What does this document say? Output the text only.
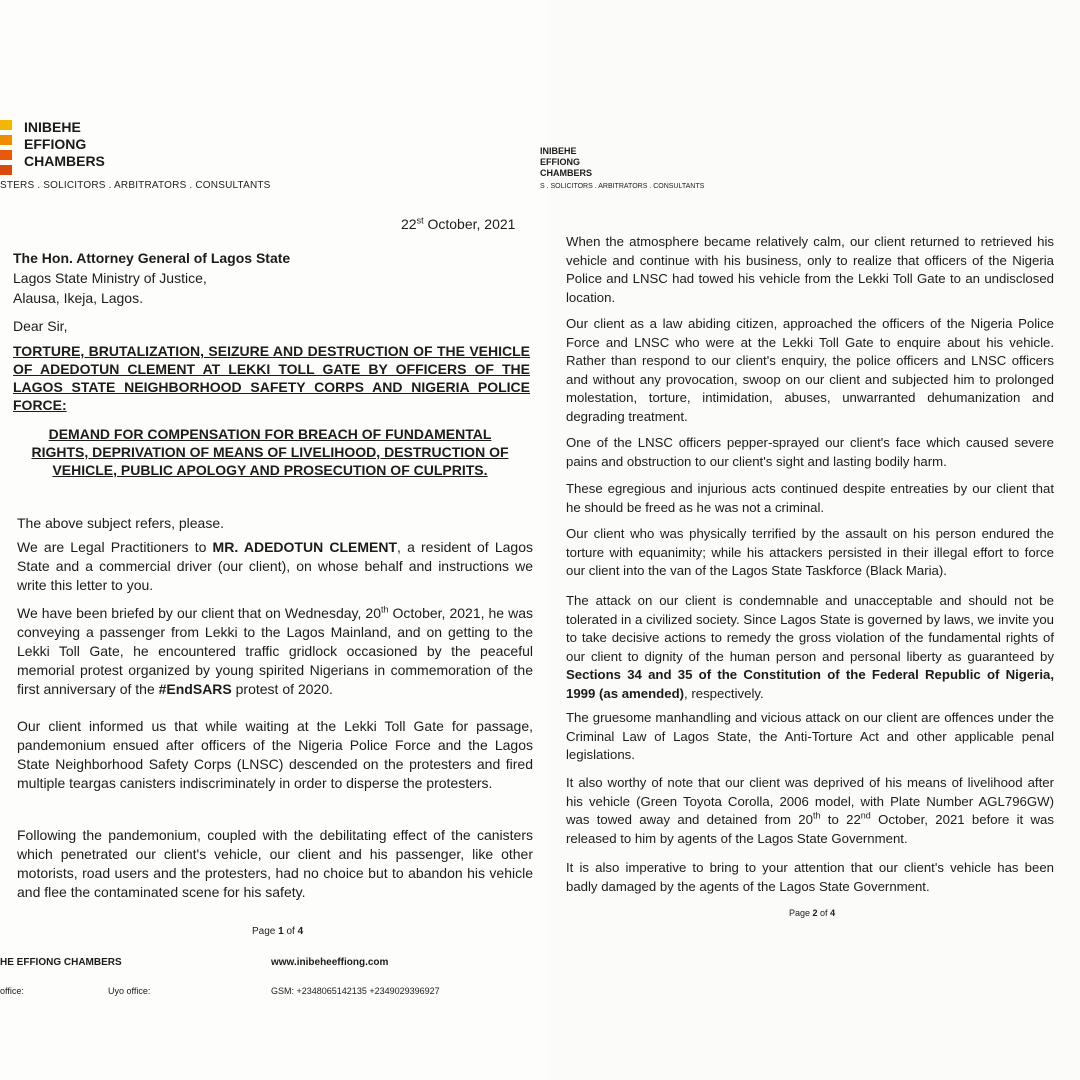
INIBEHE
EFFIONG
CHAMBERS
STERS . SOLICITORS . ARBITRATORS . CONSULTANTS
22st October, 2021
The Hon. Attorney General of Lagos State
Lagos State Ministry of Justice,
Alausa, Ikeja, Lagos.
Dear Sir,
TORTURE, BRUTALIZATION, SEIZURE AND DESTRUCTION OF THE VEHICLE OF ADEDOTUN CLEMENT AT LEKKI TOLL GATE BY OFFICERS OF THE LAGOS STATE NEIGHBORHOOD SAFETY CORPS AND NIGERIA POLICE FORCE:
DEMAND FOR COMPENSATION FOR BREACH OF FUNDAMENTAL RIGHTS, DEPRIVATION OF MEANS OF LIVELIHOOD, DESTRUCTION OF VEHICLE, PUBLIC APOLOGY AND PROSECUTION OF CULPRITS.
The above subject refers, please.
We are Legal Practitioners to MR. ADEDOTUN CLEMENT, a resident of Lagos State and a commercial driver (our client), on whose behalf and instructions we write this letter to you.
We have been briefed by our client that on Wednesday, 20th October, 2021, he was conveying a passenger from Lekki to the Lagos Mainland, and on getting to the Lekki Toll Gate, he encountered traffic gridlock occasioned by the peaceful memorial protest organized by young spirited Nigerians in commemoration of the first anniversary of the #EndSARS protest of 2020.
Our client informed us that while waiting at the Lekki Toll Gate for passage, pandemonium ensued after officers of the Nigeria Police Force and the Lagos State Neighborhood Safety Corps (LNSC) descended on the protesters and fired multiple teargas canisters indiscriminately in order to disperse the protesters.
Following the pandemonium, coupled with the debilitating effect of the canisters which penetrated our client's vehicle, our client and his passenger, like other motorists, road users and the protesters, had no choice but to abandon his vehicle and flee the contaminated scene for his safety.
Page 1 of 4
HE EFFIONG CHAMBERS	www.inibeheeffiong.com
office:	Uyo office:	GSM: +2348065142135 +2349029396927
INIBEHE
EFFIONG
CHAMBERS
S . SOLICITORS . ARBITRATORS . CONSULTANTS
When the atmosphere became relatively calm, our client returned to retrieved his vehicle and continue with his business, only to realize that officers of the Nigeria Police and LNSC had towed his vehicle from the Lekki Toll Gate to an undisclosed location.
Our client as a law abiding citizen, approached the officers of the Nigeria Police Force and LNSC who were at the Lekki Toll Gate to enquire about his vehicle. Rather than respond to our client's enquiry, the police officers and LNSC officers and without any provocation, swoop on our client and subjected him to prolonged molestation, torture, intimidation, abuses, unwarranted dehumanization and degrading treatment.
One of the LNSC officers pepper-sprayed our client's face which caused severe pains and obstruction to our client's sight and lasting bodily harm.
These egregious and injurious acts continued despite entreaties by our client that he should be freed as he was not a criminal.
Our client who was physically terrified by the assault on his person endured the torture with equanimity; while his attackers persisted in their illegal effort to force our client into the van of the Lagos State Taskforce (Black Maria).
The attack on our client is condemnable and unacceptable and should not be tolerated in a civilized society. Since Lagos State is governed by laws, we invite you to take decisive actions to remedy the gross violation of the fundamental rights of our client to dignity of the human person and personal liberty as guaranteed by Sections 34 and 35 of the Constitution of the Federal Republic of Nigeria, 1999 (as amended), respectively.
The gruesome manhandling and vicious attack on our client are offences under the Criminal Law of Lagos State, the Anti-Torture Act and other applicable penal legislations.
It also worthy of note that our client was deprived of his means of livelihood after his vehicle (Green Toyota Corolla, 2006 model, with Plate Number AGL796GW) was towed away and detained from 20th to 22nd October, 2021 before it was released to him by agents of the Lagos State Government.
It is also imperative to bring to your attention that our client's vehicle has been badly damaged by the agents of the Lagos State Government.
Page 2 of 4
